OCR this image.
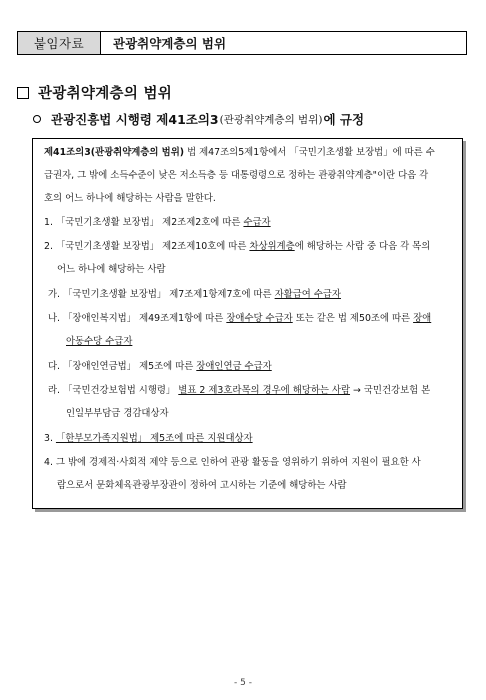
붙임자료	관광취약계층의 범위
관광취약계층의 범위
관광진흥법 시행령 제41조의3 (관광취약계층의 범위) 에 규정
제41조의3(관광취약계층의 범위) 법 제47조의5제1항에서 「국민기초생활 보장법」에 따른 수
급권자, 그 밖에 소득수준이 낮은 저소득층 등 대통령령으로 정하는 관광취약계층"이란 다음 각
호의 어느 하나에 해당하는 사람을 말한다.
1. 「국민기초생활 보장법」 제2조제2호에 따른 수급자
2. 「국민기초생활 보장법」 제2조제10호에 따른 차상위계층에 해당하는 사람 중 다음 각 목의
어느 하나에 해당하는 사람
가. 「국민기초생활 보장법」 제7조제1항제7호에 따른 자활급여 수급자
나. 「장애인복지법」 제49조제1항에 따른 장애수당 수급자 또는 같은 법 제50조에 따른 장애
아동수당 수급자
다. 「장애인연금법」 제5조에 따른 장애인연금 수급자
라. 「국민건강보험법 시행령」 별표 2 제3호라목의 경우에 해당하는 사람 → 국민건강보험 본
인일부부담금 경감대상자
3. 「한부모가족지원법」 제5조에 따른 지원대상자
4. 그 밖에 경제적·사회적 제약 등으로 인하여 관광 활동을 영위하기 위하여 지원이 필요한 사
람으로서 문화체육관광부장관이 정하여 고시하는 기준에 해당하는 사람
- 5 -
